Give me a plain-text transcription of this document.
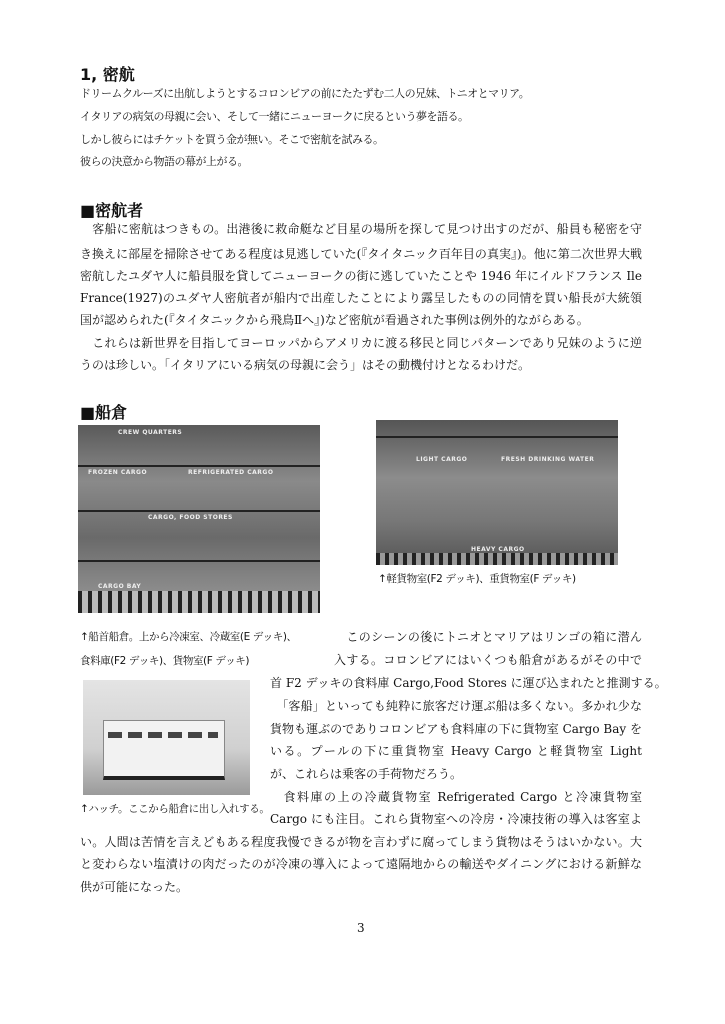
1, 密航
ドリームクルーズに出航しようとするコロンビアの前にたたずむ二人の兄妹、トニオとマリア。
イタリアの病気の母親に会い、そして一緒にニューヨークに戻るという夢を語る。
しかし彼らにはチケットを買う金が無い。そこで密航を試みる。
彼らの決意から物語の幕が上がる。
■密航者
　客船に密航はつきもの。出港後に救命艇など目星の場所を探して見つけ出すのだが、船員も秘密を守
き換えに部屋を掃除させてある程度は見逃していた(『タイタニック百年目の真実』)。他に第二次世界大戦
密航したユダヤ人に船員服を貸してニューヨークの街に逃していたことや 1946 年にイルドフランス Ile
France(1927)のユダヤ人密航者が船内で出産したことにより露呈したものの同情を買い船長が大統領
国が認められた(『タイタニックから飛鳥Ⅱへ』)など密航が看過された事例は例外的ながらある。
　これらは新世界を目指してヨーロッパからアメリカに渡る移民と同じパターンであり兄妹のように逆
うのは珍しい。「イタリアにいる病気の母親に会う」はその動機付けとなるわけだ。
■船倉
CREW QUARTERS
FROZEN CARGO	REFRIGERATED CARGO
CARGO, FOOD STORES
CARGO BAY
LIGHT CARGO	FRESH DRINKING WATER
HEAVY CARGO
↑軽貨物室(F2 デッキ)、重貨物室(F デッキ)
↑船首船倉。上から冷凍室、冷蔵室(E デッキ)、
食料庫(F2 デッキ)、貨物室(F デッキ)
↑ハッチ。ここから船倉に出し入れする。
　このシーンの後にトニオとマリアはリンゴの箱に潜ん
入する。コロンビアにはいくつも船倉があるがその中で
首 F2 デッキの食料庫 Cargo,Food Stores に運び込まれたと推測する。
　「客船」といっても純粋に旅客だけ運ぶ船は多くない。多かれ少な
貨物も運ぶのでありコロンビアも食料庫の下に貨物室 Cargo Bay を
いる。プールの下に重貨物室 Heavy Cargo と軽貨物室 Light
が、これらは乗客の手荷物だろう。
　食料庫の上の冷蔵貨物室 Refrigerated Cargo と冷凍貨物室
Cargo にも注目。これら貨物室への冷房・冷凍技術の導入は客室よ
い。人間は苦情を言えどもある程度我慢できるが物を言わずに腐ってしまう貨物はそうはいかない。大
と変わらない塩漬けの肉だったのが冷凍の導入によって遠隔地からの輸送やダイニングにおける新鮮な
供が可能になった。
3
